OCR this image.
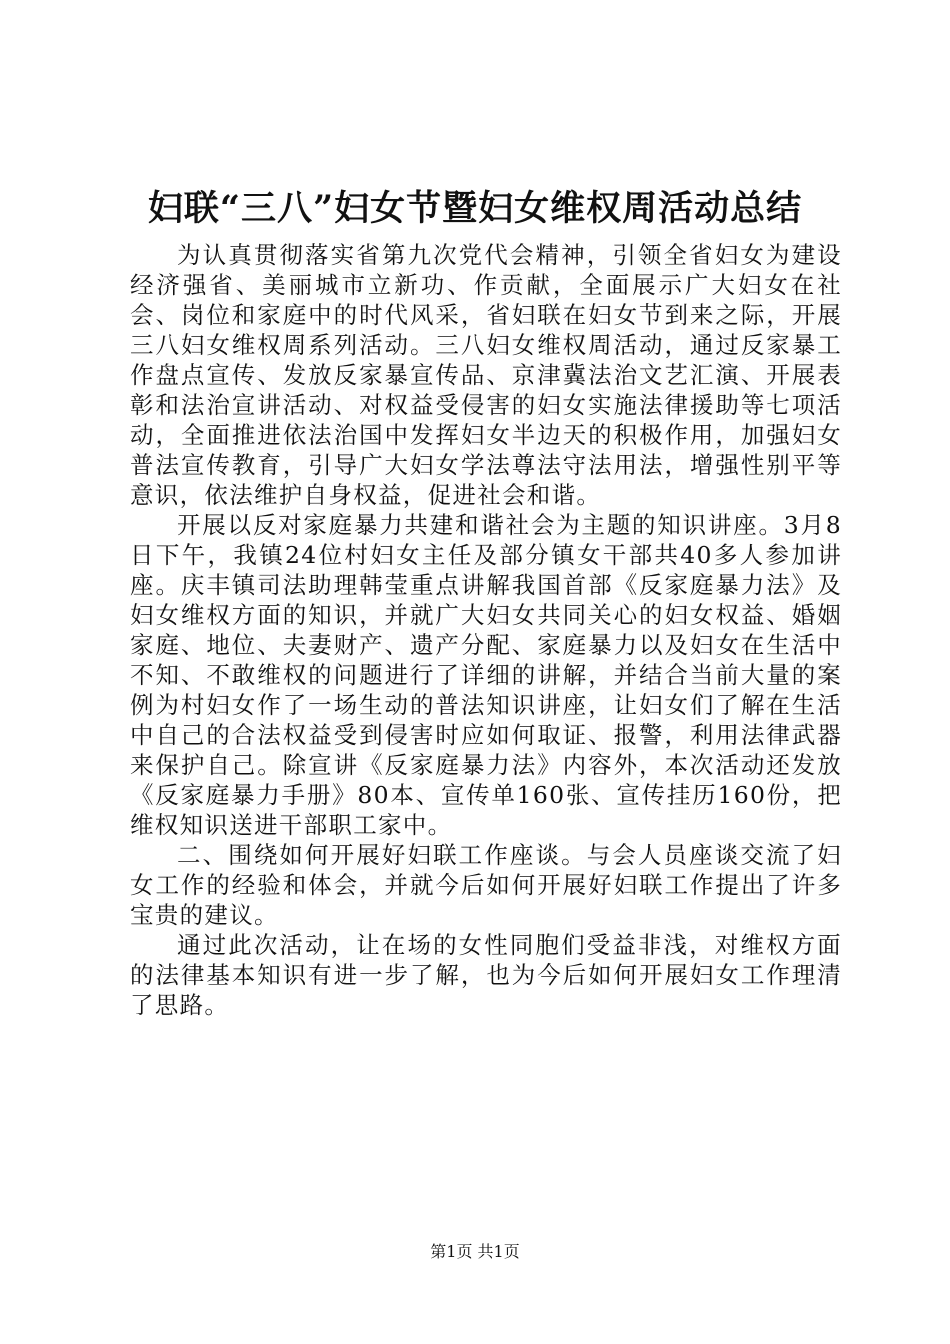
妇联“三八”妇女节暨妇女维权周活动总结

为认真贯彻落实省第九次党代会精神，引领全省妇女为建设经济强省、美丽城市立新功、作贡献，全面展示广大妇女在社会、岗位和家庭中的时代风采，省妇联在妇女节到来之际，开展三八妇女维权周系列活动。三八妇女维权周活动，通过反家暴工作盘点宣传、发放反家暴宣传品、京津冀法治文艺汇演、开展表彰和法治宣讲活动、对权益受侵害的妇女实施法律援助等七项活动，全面推进依法治国中发挥妇女半边天的积极作用，加强妇女普法宣传教育，引导广大妇女学法尊法守法用法，增强性别平等意识，依法维护自身权益，促进社会和谐。

开展以反对家庭暴力共建和谐社会为主题的知识讲座。3月8日下午，我镇24位村妇女主任及部分镇女干部共40多人参加讲座。庆丰镇司法助理韩莹重点讲解我国首部《反家庭暴力法》及妇女维权方面的知识，并就广大妇女共同关心的妇女权益、婚姻家庭、地位、夫妻财产、遗产分配、家庭暴力以及妇女在生活中不知、不敢维权的问题进行了详细的讲解，并结合当前大量的案例为村妇女作了一场生动的普法知识讲座，让妇女们了解在生活中自己的合法权益受到侵害时应如何取证、报警，利用法律武器来保护自己。除宣讲《反家庭暴力法》内容外，本次活动还发放《反家庭暴力手册》80本、宣传单160张、宣传挂历160份，把维权知识送进干部职工家中。

二、围绕如何开展好妇联工作座谈。与会人员座谈交流了妇女工作的经验和体会，并就今后如何开展好妇联工作提出了许多宝贵的建议。

通过此次活动，让在场的女性同胞们受益非浅，对维权方面的法律基本知识有进一步了解，也为今后如何开展妇女工作理清了思路。

第1页 共1页
